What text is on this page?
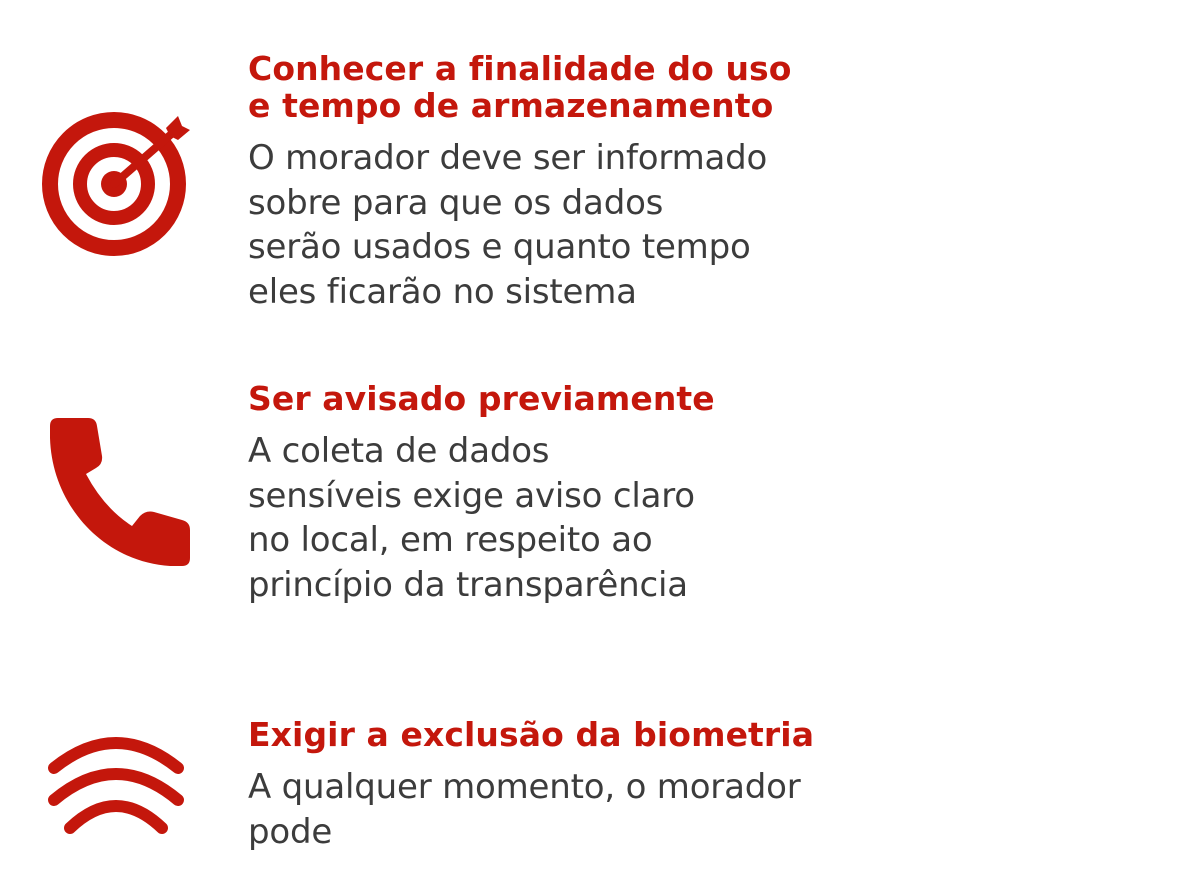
Conhecer a finalidade do uso
e tempo de armazenamento

O morador deve ser informado
sobre para que os dados
serão usados e quanto tempo
eles ficarão no sistema

Ser avisado previamente

A coleta de dados
sensíveis exige aviso claro
no local, em respeito ao
princípio da transparência

Exigir a exclusão da biometria

A qualquer momento, o morador pode
